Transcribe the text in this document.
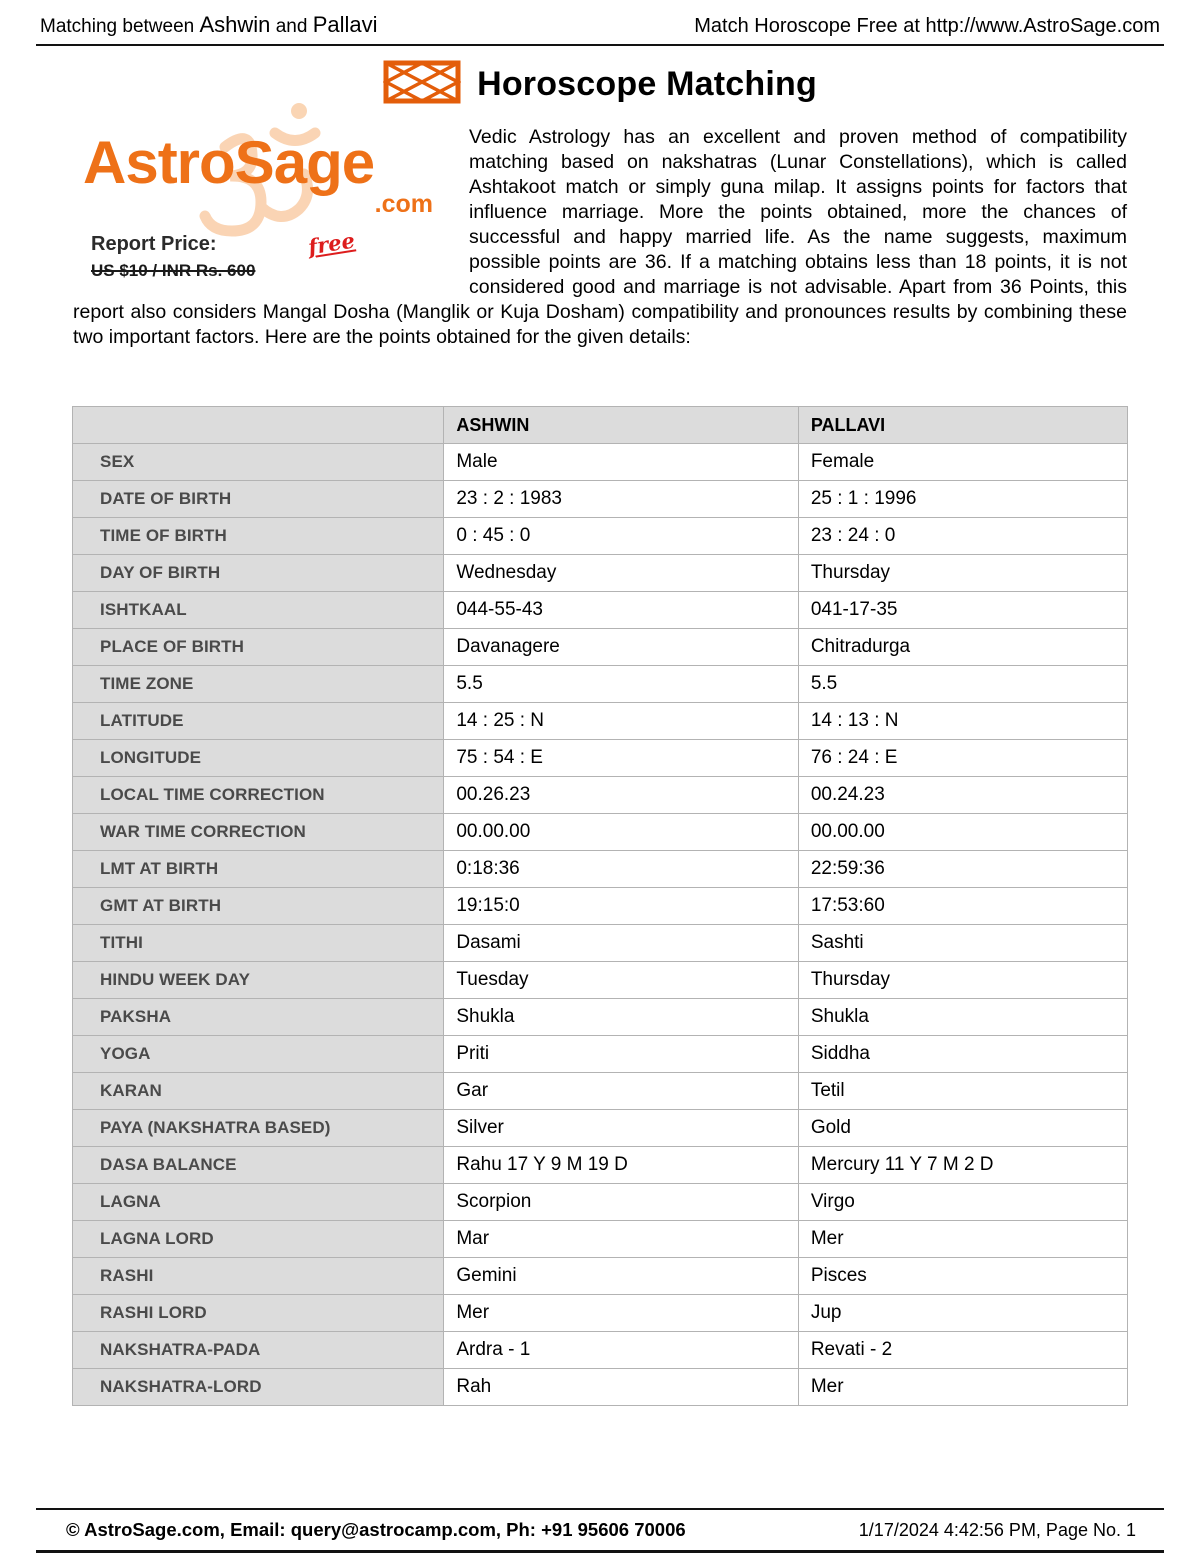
Matching between Ashwin and Pallavi	Match Horoscope Free at http://www.AstroSage.com
Horoscope Matching
AstroSage
.com
Report Price:
US $10 / INR Rs. 600
free

Vedic Astrology has an excellent and proven method of compatibility matching based on nakshatras (Lunar Constellations), which is called Ashtakoot match or simply guna milap. It assigns points for factors that influence marriage. More the points obtained, more the chances of successful and happy married life. As the name suggests, maximum possible points are 36. If a matching obtains less than 18 points, it is not considered good and marriage is not advisable. Apart from 36 Points, this report also considers Mangal Dosha (Manglik or Kuja Dosham) compatibility and pronounces results by combining these two important factors. Here are the points obtained for the given details:

	ASHWIN	PALLAVI
SEX	Male	Female
DATE OF BIRTH	23 : 2 : 1983	25 : 1 : 1996
TIME OF BIRTH	0 : 45 : 0	23 : 24 : 0
DAY OF BIRTH	Wednesday	Thursday
ISHTKAAL	044-55-43	041-17-35
PLACE OF BIRTH	Davanagere	Chitradurga
TIME ZONE	5.5	5.5
LATITUDE	14 : 25 : N	14 : 13 : N
LONGITUDE	75 : 54 : E	76 : 24 : E
LOCAL TIME CORRECTION	00.26.23	00.24.23
WAR TIME CORRECTION	00.00.00	00.00.00
LMT AT BIRTH	0:18:36	22:59:36
GMT AT BIRTH	19:15:0	17:53:60
TITHI	Dasami	Sashti
HINDU WEEK DAY	Tuesday	Thursday
PAKSHA	Shukla	Shukla
YOGA	Priti	Siddha
KARAN	Gar	Tetil
PAYA (NAKSHATRA BASED)	Silver	Gold
DASA BALANCE	Rahu 17 Y 9 M 19 D	Mercury 11 Y 7 M 2 D
LAGNA	Scorpion	Virgo
LAGNA LORD	Mar	Mer
RASHI	Gemini	Pisces
RASHI LORD	Mer	Jup
NAKSHATRA-PADA	Ardra - 1	Revati - 2
NAKSHATRA-LORD	Rah	Mer
© AstroSage.com, Email: query@astrocamp.com, Ph: +91 95606 70006	1/17/2024 4:42:56 PM, Page No. 1
